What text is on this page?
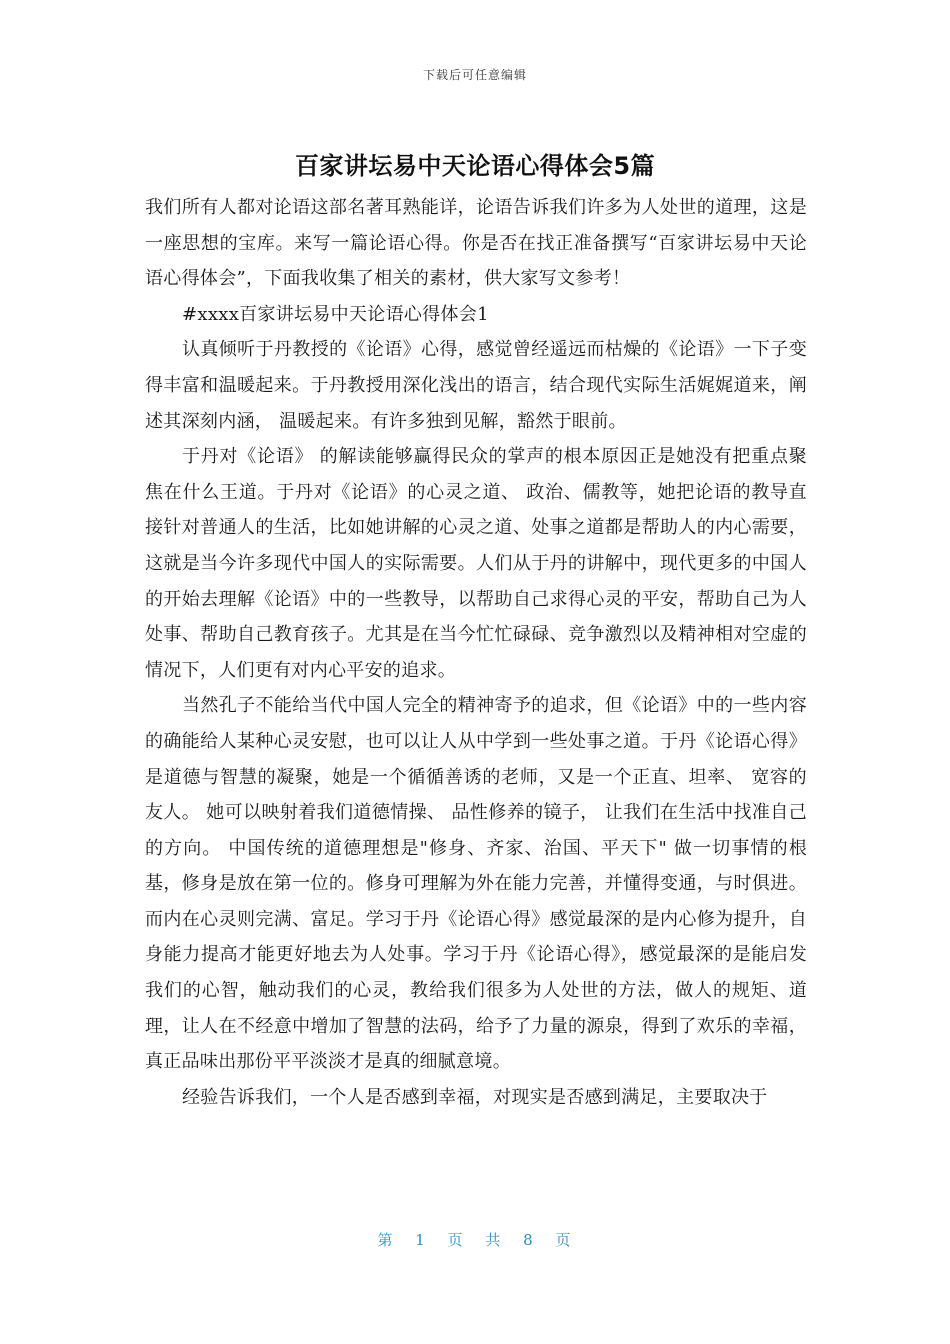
下载后可任意编辑
百家讲坛易中天论语心得体会5篇

我们所有人都对论语这部名著耳熟能详，论语告诉我们许多为人处世的道理，这是一座思想的宝库。来写一篇论语心得。你是否在找正准备撰写“百家讲坛易中天论语心得体会”，下面我收集了相关的素材，供大家写文参考！

#xxxx百家讲坛易中天论语心得体会1

认真倾听于丹教授的《论语》心得，感觉曾经遥远而枯燥的《论语》一下子变得丰富和温暖起来。于丹教授用深化浅出的语言，结合现代实际生活娓娓道来，阐述其深刻内涵， 温暖起来。有许多独到见解，豁然于眼前。

于丹对《论语》 的解读能够赢得民众的掌声的根本原因正是她没有把重点聚焦在什么王道。于丹对《论语》的心灵之道、 政治、儒教等，她把论语的教导直接针对普通人的生活，比如她讲解的心灵之道、处事之道都是帮助人的内心需要，这就是当今许多现代中国人的实际需要。人们从于丹的讲解中，现代更多的中国人的开始去理解《论语》中的一些教导，以帮助自己求得心灵的平安，帮助自己为人处事、帮助自己教育孩子。尤其是在当今忙忙碌碌、竞争激烈以及精神相对空虚的情况下，人们更有对内心平安的追求。

当然孔子不能给当代中国人完全的精神寄予的追求，但《论语》中的一些内容的确能给人某种心灵安慰，也可以让人从中学到一些处事之道。于丹《论语心得》是道德与智慧的凝聚，她是一个循循善诱的老师，又是一个正直、坦率、 宽容的友人。 她可以映射着我们道德情操、 品性修养的镜子， 让我们在生活中找准自己的方向。 中国传统的道德理想是"修身、齐家、治国、平天下" 做一切事情的根基，修身是放在第一位的。修身可理解为外在能力完善，并懂得变通，与时俱进。而内在心灵则完满、富足。学习于丹《论语心得》感觉最深的是内心修为提升，自身能力提高才能更好地去为人处事。学习于丹《论语心得》，感觉最深的是能启发我们的心智，触动我们的心灵，教给我们很多为人处世的方法，做人的规矩、道理，让人在不经意中增加了智慧的法码，给予了力量的源泉，得到了欢乐的幸福，真正品味出那份平平淡淡才是真的细腻意境。

经验告诉我们，一个人是否感到幸福，对现实是否感到满足，主要取决于

第 1 页 共 8 页
